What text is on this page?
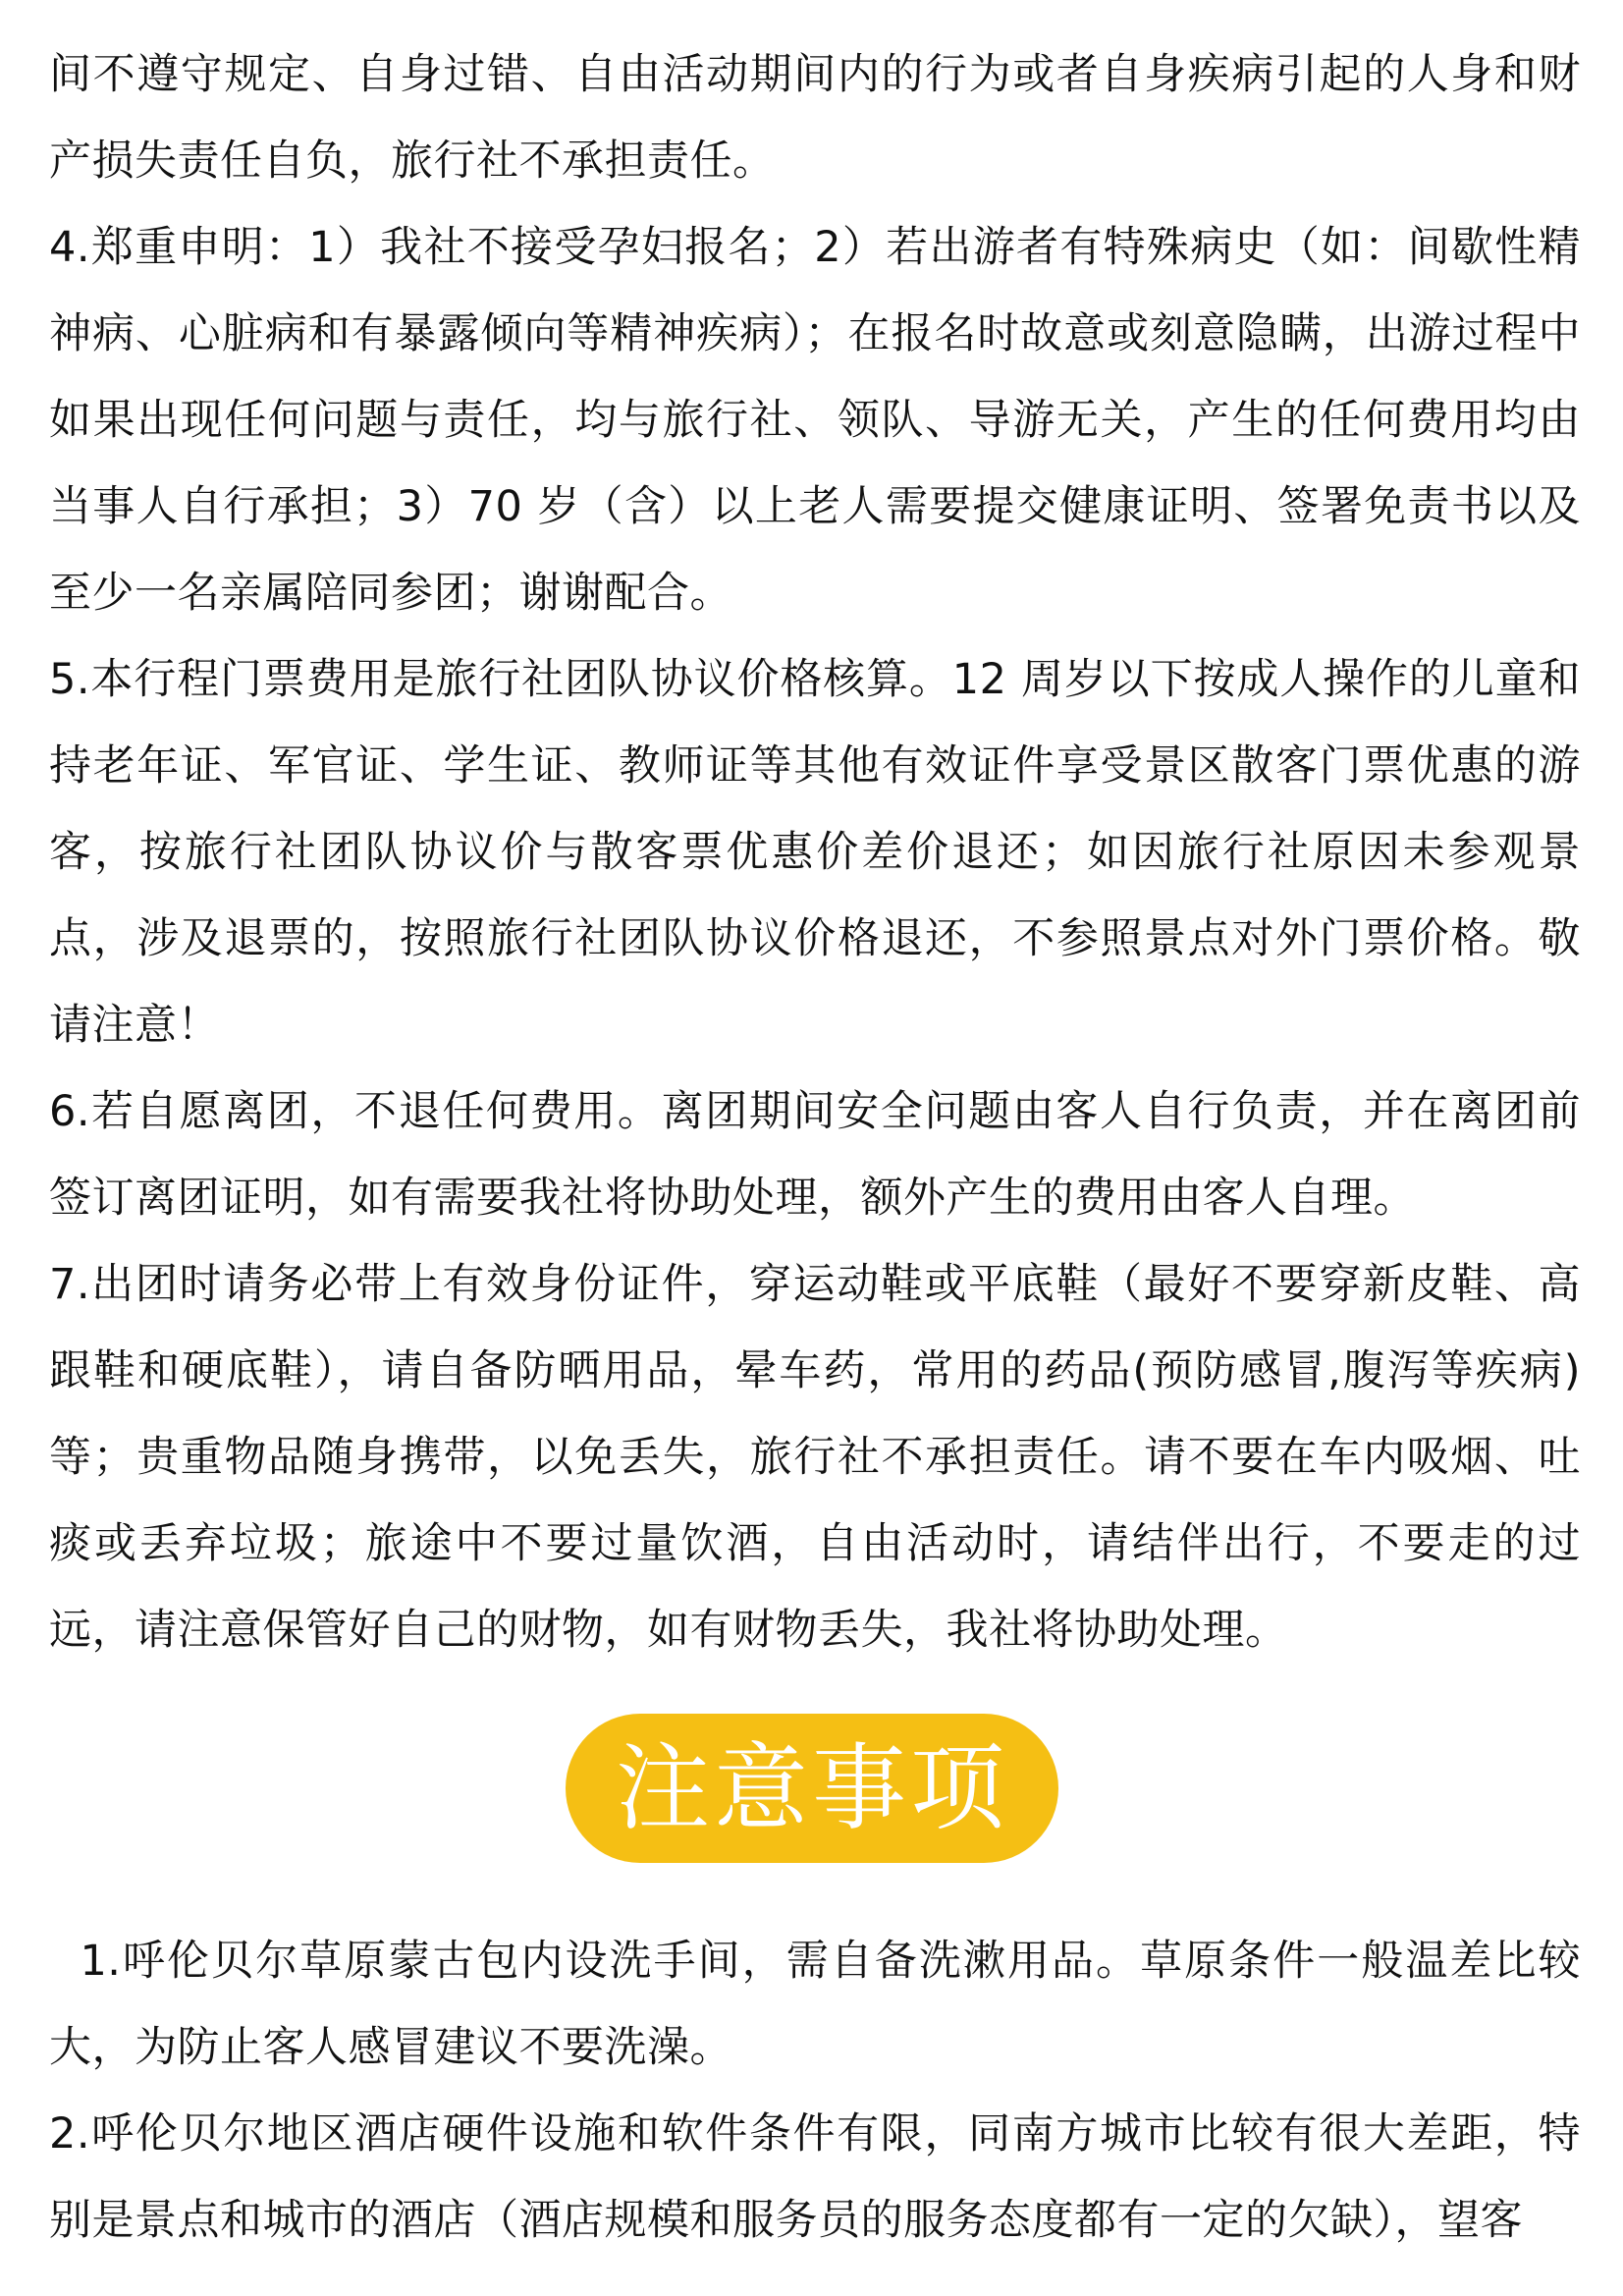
间不遵守规定、自身过错、自由活动期间内的行为或者自身疾病引起的人身和财产损失责任自负，旅行社不承担责任。

4.郑重申明：1）我社不接受孕妇报名；2）若出游者有特殊病史（如：间歇性精神病、心脏病和有暴露倾向等精神疾病）；在报名时故意或刻意隐瞒，出游过程中如果出现任何问题与责任，均与旅行社、领队、导游无关，产生的任何费用均由当事人自行承担；3）70 岁（含）以上老人需要提交健康证明、签署免责书以及至少一名亲属陪同参团；谢谢配合。

5.本行程门票费用是旅行社团队协议价格核算。12 周岁以下按成人操作的儿童和持老年证、军官证、学生证、教师证等其他有效证件享受景区散客门票优惠的游客，按旅行社团队协议价与散客票优惠价差价退还；如因旅行社原因未参观景点，涉及退票的，按照旅行社团队协议价格退还，不参照景点对外门票价格。敬请注意！

6.若自愿离团，不退任何费用。离团期间安全问题由客人自行负责，并在离团前签订离团证明，如有需要我社将协助处理，额外产生的费用由客人自理。

7.出团时请务必带上有效身份证件，穿运动鞋或平底鞋（最好不要穿新皮鞋、高跟鞋和硬底鞋），请自备防晒用品，晕车药，常用的药品(预防感冒,腹泻等疾病)等；贵重物品随身携带，以免丢失，旅行社不承担责任。请不要在车内吸烟、吐痰或丢弃垃圾；旅途中不要过量饮酒，自由活动时，请结伴出行，不要走的过远，请注意保管好自己的财物，如有财物丢失，我社将协助处理。

注意事项

1.呼伦贝尔草原蒙古包内设洗手间，需自备洗漱用品。草原条件一般温差比较大，为防止客人感冒建议不要洗澡。

2.呼伦贝尔地区酒店硬件设施和软件条件有限，同南方城市比较有很大差距，特别是景点和城市的酒店（酒店规模和服务员的服务态度都有一定的欠缺），望客
